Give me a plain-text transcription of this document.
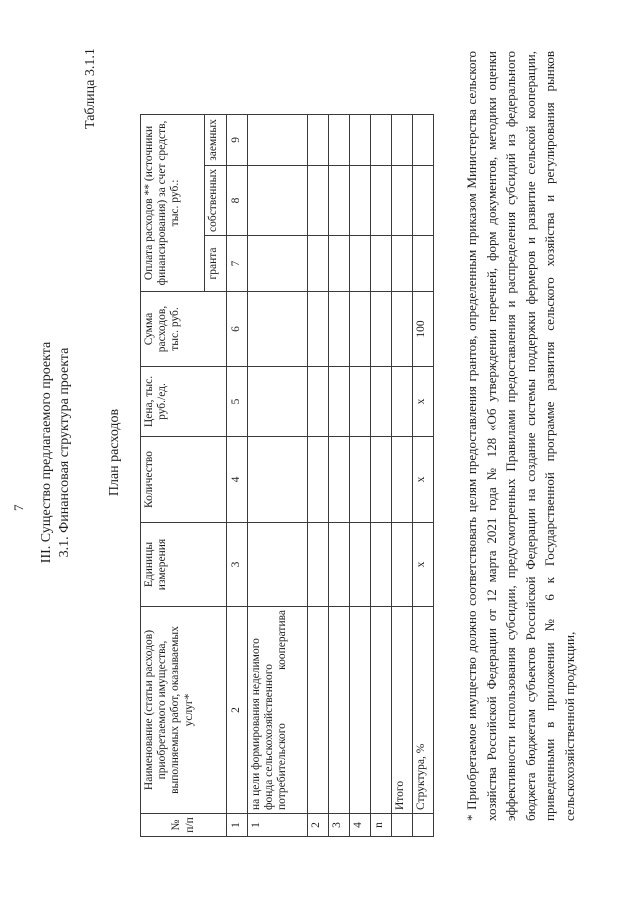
7 III. Существо предлагаемого проекта 3.1. Финансовая структура проекта
Таблица 3.1.1
План расходов
№ п/п	Наименование (статьи расходов) приобретаемого имущества, выполняемых работ, оказываемых услуг*	Единицы измерения	Количество	Цена, тыс. руб./ед.	Сумма расходов, тыс. руб.	Оплата расходов ** (источники финансирования) за счет средств, тыс. руб.:		
						гранта	собственных	заемных
1	2	3	4	5	6	7	8	9
1	на цели формирования неделимого фонда сельскохозяйственного потребительского кооператива							
2								
3								
4								
n								
	Итого							
	Структура, %	х	х	х	100				* Приобретаемое имущество должно соответствовать целям предоставления грантов, определенным приказом Министерства сельского хозяйства Российской Федерации от 12 марта 2021 года № 128 «Об утверждении перечней, форм документов, методики оценки эффективности использования субсидии, предусмотренных Правилами предоставления и распределения субсидий из федерального бюджета бюджетам субъектов Российской Федерации на создание системы поддержки фермеров и развитие сельской кооперации, приведенными в приложении № 6 к Государственной программе развития сельского хозяйства и регулирования рынков сельскохозяйственной продукции,
